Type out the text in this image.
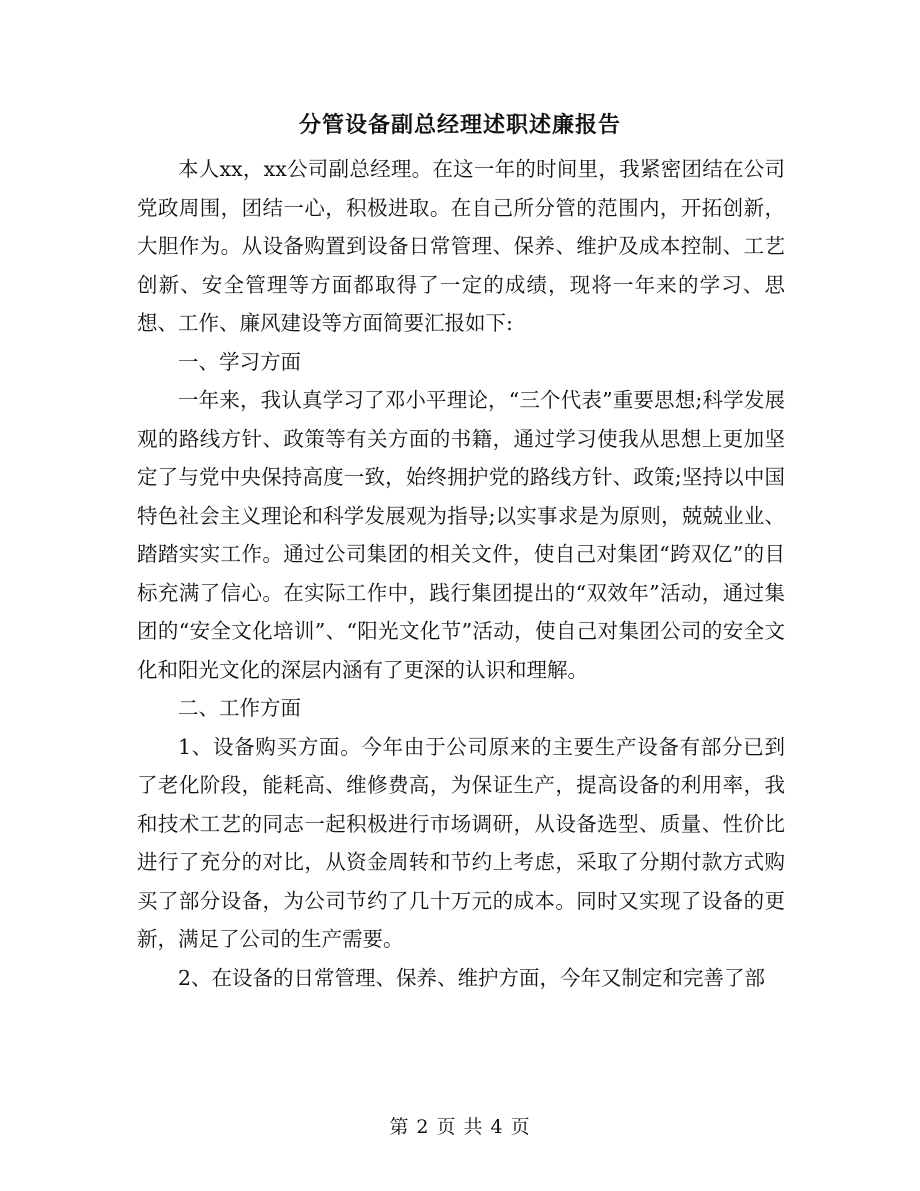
分管设备副总经理述职述廉报告

本人xx，xx公司副总经理。在这一年的时间里，我紧密团结在公司党政周围，团结一心，积极进取。在自己所分管的范围内，开拓创新，大胆作为。从设备购置到设备日常管理、保养、维护及成本控制、工艺创新、安全管理等方面都取得了一定的成绩，现将一年来的学习、思想、工作、廉风建设等方面简要汇报如下:

一、学习方面

一年来，我认真学习了邓小平理论，“三个代表”重要思想;科学发展观的路线方针、政策等有关方面的书籍，通过学习使我从思想上更加坚定了与党中央保持高度一致，始终拥护党的路线方针、政策;坚持以中国特色社会主义理论和科学发展观为指导;以实事求是为原则，兢兢业业、踏踏实实工作。通过公司集团的相关文件，使自己对集团“跨双亿”的目标充满了信心。在实际工作中，践行集团提出的“双效年”活动，通过集团的“安全文化培训”、“阳光文化节”活动，使自己对集团公司的安全文化和阳光文化的深层内涵有了更深的认识和理解。

二、工作方面

1、设备购买方面。今年由于公司原来的主要生产设备有部分已到了老化阶段，能耗高、维修费高，为保证生产，提高设备的利用率，我和技术工艺的同志一起积极进行市场调研，从设备选型、质量、性价比进行了充分的对比，从资金周转和节约上考虑，采取了分期付款方式购买了部分设备，为公司节约了几十万元的成本。同时又实现了设备的更新，满足了公司的生产需要。

2、在设备的日常管理、保养、维护方面，今年又制定和完善了部

第 2 页 共 4 页
